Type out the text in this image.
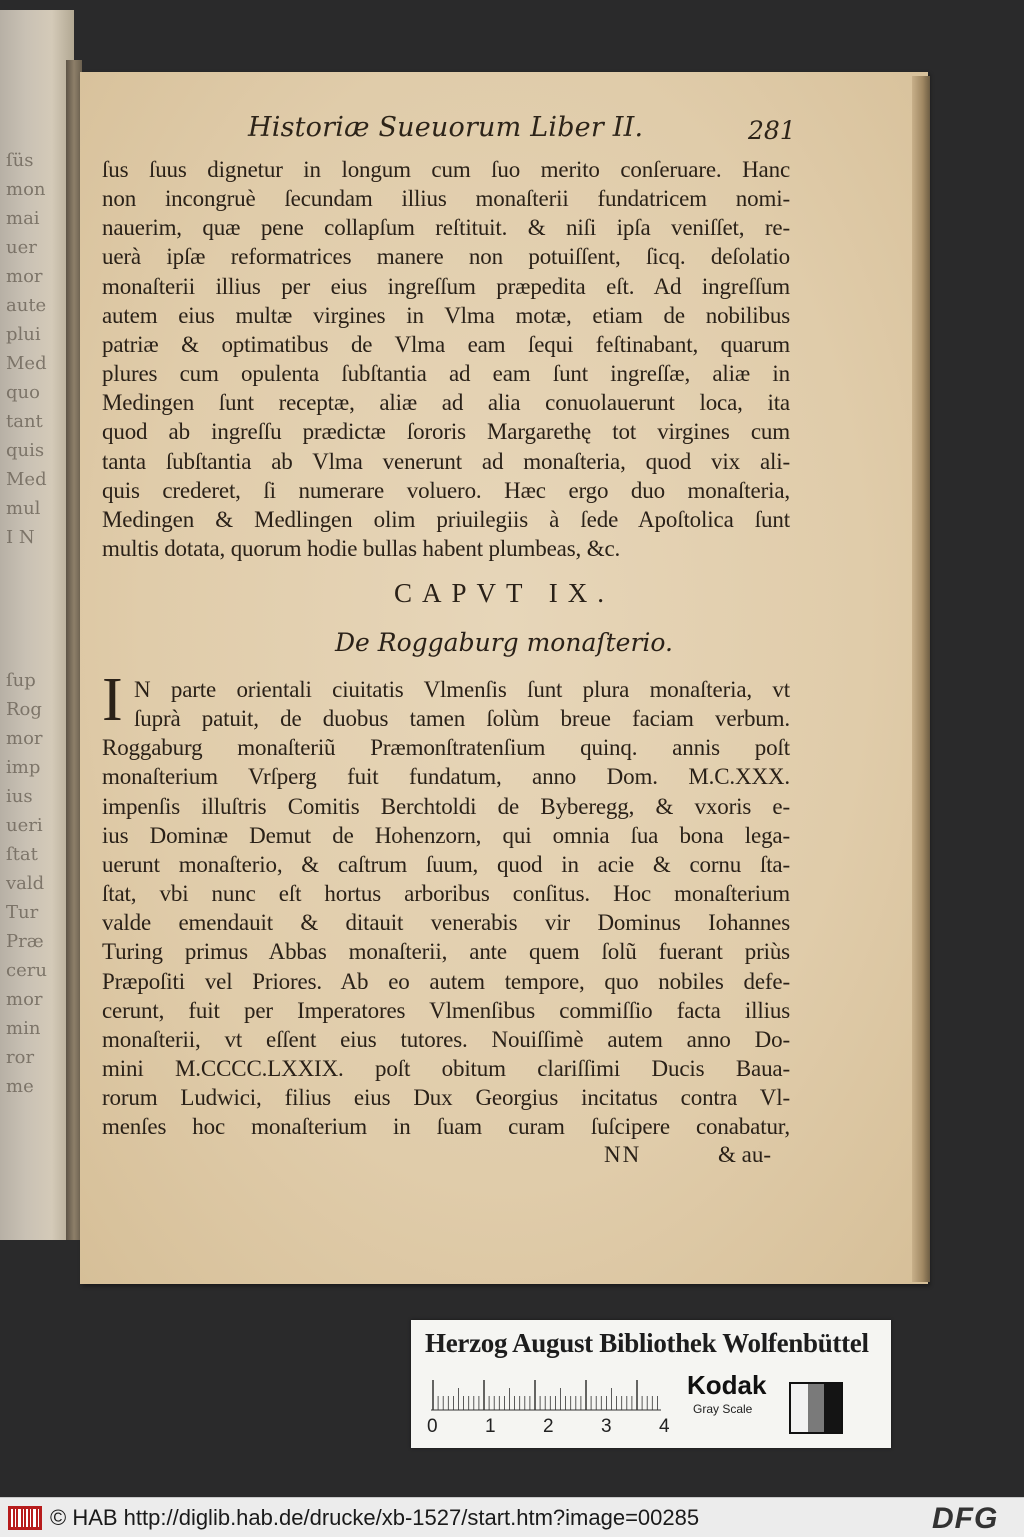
ſüs
mon
mai
uer
mor
aute
plui
Med
quo
tant
quis
Med
mul
I N
ſup
Rog
mor
imp
ius
ueri
ſtat
vald
Tur
Præ
ceru
mor
min
ror
me
Historiæ Sueuorum Liber II.	281
ſus ſuus dignetur in longum cum ſuo merito conſeruare. Hanc
non incongruè ſecundam illius monaſterii fundatricem nomi-
nauerim, quæ pene collapſum reſtituit. & niſi ipſa veniſſet, re-
uerà ipſæ reformatrices manere non potuiſſent, ſicq. deſolatio
monaſterii illius per eius ingreſſum præpedita eſt. Ad ingreſſum
autem eius multæ virgines in Vlma motæ, etiam de nobilibus
patriæ & optimatibus de Vlma eam ſequi feſtinabant, quarum
plures cum opulenta ſubſtantia ad eam ſunt ingreſſæ, aliæ in
Medingen ſunt receptæ, aliæ ad alia conuolauerunt loca, ita
quod ab ingreſſu prædictæ ſororis Margarethę tot virgines cum
tanta ſubſtantia ab Vlma venerunt ad monaſteria, quod vix ali-
quis crederet, ſi numerare voluero. Hæc ergo duo monaſteria,
Medingen & Medlingen olim priuilegiis à ſede Apoſtolica ſunt
multis dotata, quorum hodie bullas habent plumbeas, &c.
CAPVT IX.
De Roggaburg monaſterio.
I N parte orientali ciuitatis Vlmenſis ſunt plura monaſteria, vt
ſuprà patuit, de duobus tamen ſolùm breue faciam verbum.
Roggaburg monaſteriũ Præmonſtratenſium quinq. annis poſt
monaſterium Vrſperg fuit fundatum, anno Dom. M.C.XXX.
impenſis illuſtris Comitis Berchtoldi de Byberegg, & vxoris e-
ius Dominæ Demut de Hohenzorn, qui omnia ſua bona lega-
uerunt monaſterio, & caſtrum ſuum, quod in acie & cornu ſta-
ſtat, vbi nunc eſt hortus arboribus conſitus. Hoc monaſterium
valde emendauit & ditauit venerabis vir Dominus Iohannes
Turing primus Abbas monaſterii, ante quem ſolũ fuerant priùs
Præpoſiti vel Priores. Ab eo autem tempore, quo nobiles defe-
cerunt, fuit per Imperatores Vlmenſibus commiſſio facta illius
monaſterii, vt eſſent eius tutores. Nouiſſimè autem anno Do-
mini M.CCCC.LXXIX. poſt obitum clariſſimi Ducis Baua-
rorum Ludwici, filius eius Dux Georgius incitatus contra Vl-
menſes hoc monaſterium in ſuam curam ſuſcipere conabatur,
NN	& au-
Herzog August Bibliothek Wolfenbüttel
0 1 2 3 4
Kodak
Gray Scale
© HAB http://diglib.hab.de/drucke/xb-1527/start.htm?image=00285	DFG
